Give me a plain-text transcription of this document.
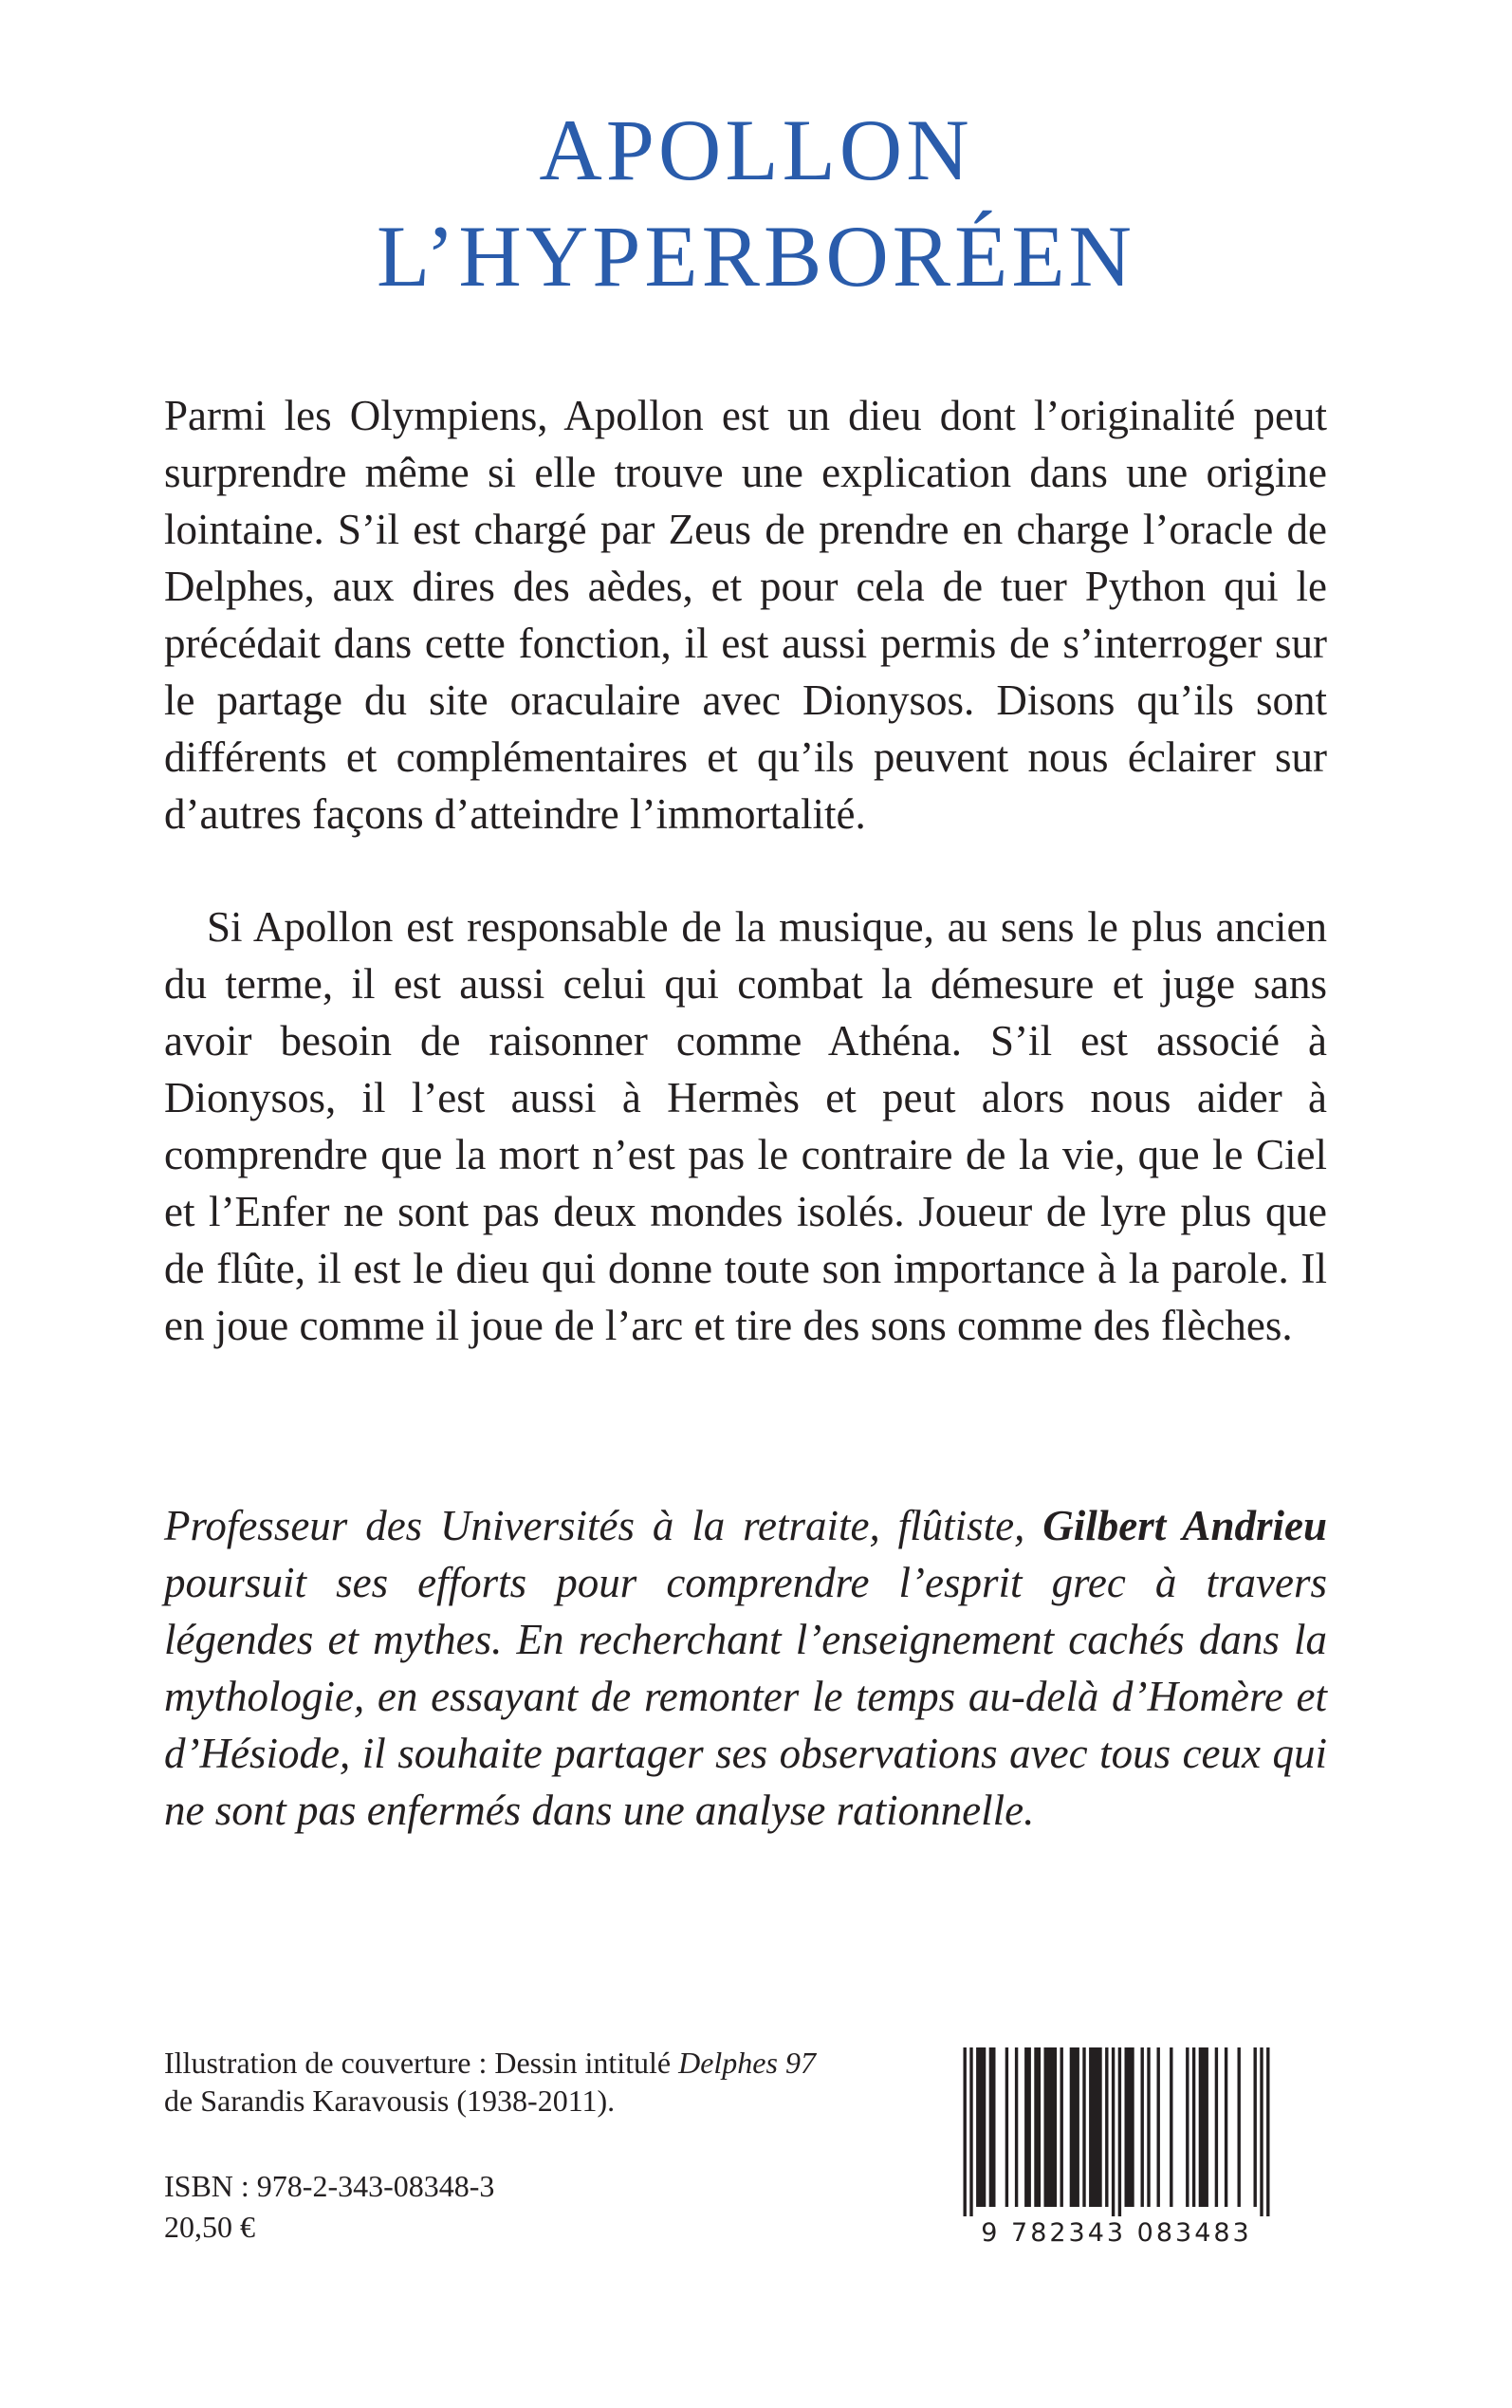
APOLLON
L’HYPERBORÉEN

Parmi les Olympiens, Apollon est un dieu dont l’originalité peut surprendre même si elle trouve une explication dans une origine lointaine. S’il est chargé par Zeus de prendre en charge l’oracle de Delphes, aux dires des aèdes, et pour cela de tuer Python qui le précédait dans cette fonction, il est aussi permis de s’interroger sur le partage du site oraculaire avec Dionysos. Disons qu’ils sont différents et complémentaires et qu’ils peuvent nous éclairer sur d’autres façons d’atteindre l’immortalité.

Si Apollon est responsable de la musique, au sens le plus ancien du terme, il est aussi celui qui combat la démesure et juge sans avoir besoin de raisonner comme Athéna. S’il est associé à Dionysos, il l’est aussi à Hermès et peut alors nous aider à comprendre que la mort n’est pas le contraire de la vie, que le Ciel et l’Enfer ne sont pas deux mondes isolés. Joueur de lyre plus que de flûte, il est le dieu qui donne toute son importance à la parole. Il en joue comme il joue de l’arc et tire des sons comme des flèches.

Professeur des Universités à la retraite, flûtiste, Gilbert Andrieu poursuit ses efforts pour comprendre l’esprit grec à travers légendes et mythes. En recherchant l’enseignement cachés dans la mythologie, en essayant de remonter le temps au-delà d’Homère et d’Hésiode, il souhaite partager ses observations avec tous ceux qui ne sont pas enfermés dans une analyse rationnelle.
Illustration de couverture : Dessin intitulé Delphes 97
de Sarandis Karavousis (1938-2011).
ISBN : 978-2-343-08348-3
20,50 €	9 782343 083483
